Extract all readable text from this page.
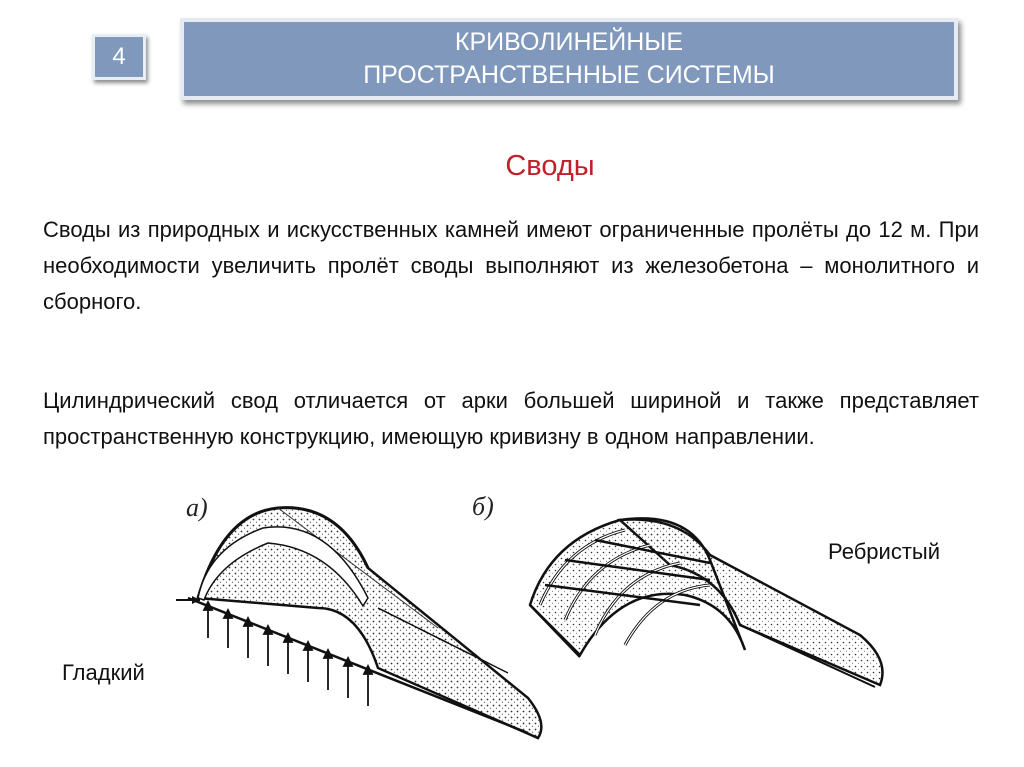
4
КРИВОЛИНЕЙНЫЕ ПРОСТРАНСТВЕННЫЕ СИСТЕМЫ
Своды
Своды из природных и искусственных камней имеют ограниченные пролёты до 12 м. При необходимости увеличить пролёт своды выполняют из железобетона – монолитного и сборного.
Цилиндрический свод отличается от арки большей шириной и также представляет пространственную конструкцию, имеющую кривизну в одном направлении.
а)	б)
Ребристый
Гладкий
